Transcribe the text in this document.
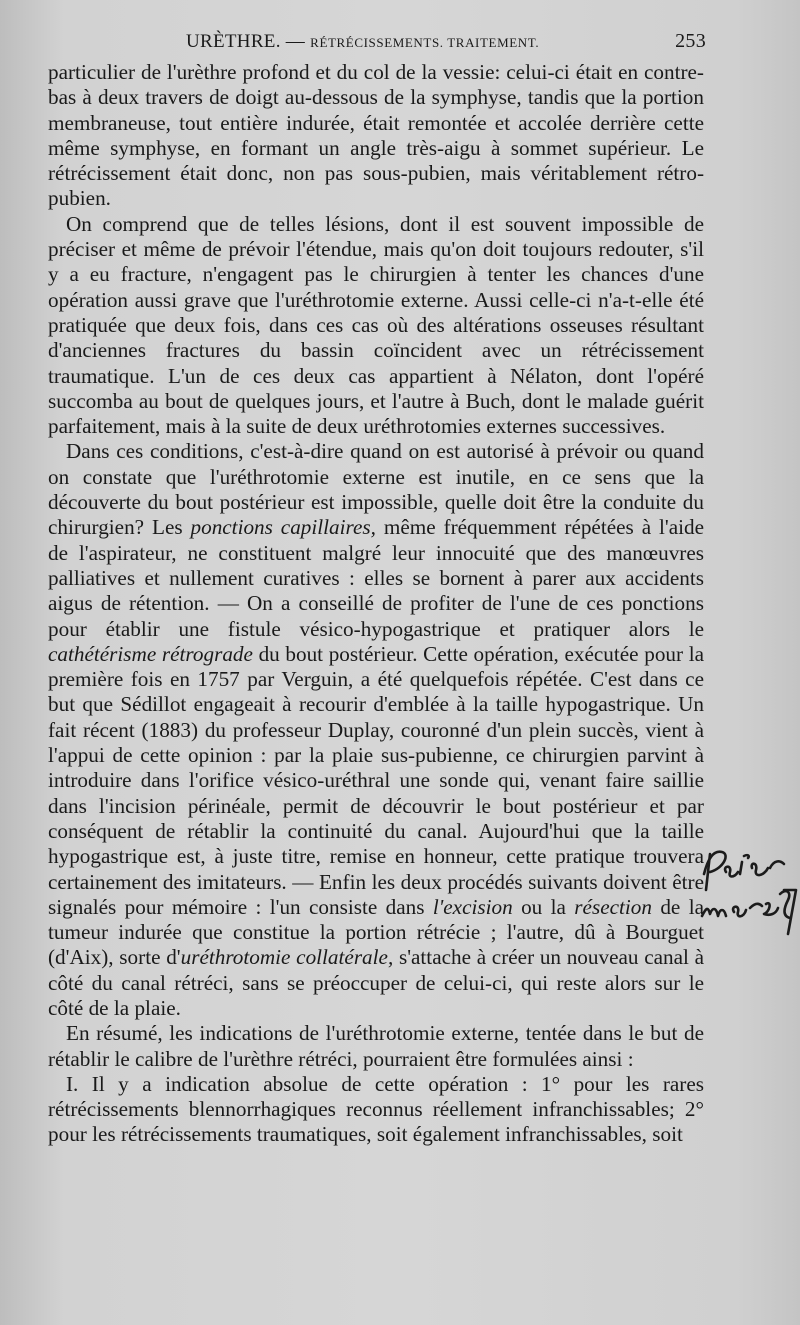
URÈTHRE. — RÉTRÉCISSEMENTS. TRAITEMENT.	253

particulier de l'urèthre profond et du col de la vessie: celui-ci était en contre-bas à deux travers de doigt au-dessous de la symphyse, tandis que la portion membraneuse, tout entière indurée, était remontée et accolée derrière cette même symphyse, en formant un angle très-aigu à sommet supérieur. Le rétrécissement était donc, non pas sous-pubien, mais véritablement rétro-pubien.

On comprend que de telles lésions, dont il est souvent impossible de préciser et même de prévoir l'étendue, mais qu'on doit toujours redouter, s'il y a eu fracture, n'engagent pas le chirurgien à tenter les chances d'une opération aussi grave que l'uréthrotomie externe. Aussi celle-ci n'a-t-elle été pratiquée que deux fois, dans ces cas où des altérations osseuses résultant d'anciennes fractures du bassin coïncident avec un rétrécissement traumatique. L'un de ces deux cas appartient à Nélaton, dont l'opéré succomba au bout de quelques jours, et l'autre à Buch, dont le malade guérit parfaitement, mais à la suite de deux uréthrotomies externes successives.

Dans ces conditions, c'est-à-dire quand on est autorisé à prévoir ou quand on constate que l'uréthrotomie externe est inutile, en ce sens que la découverte du bout postérieur est impossible, quelle doit être la conduite du chirurgien? Les ponctions capillaires, même fréquemment répétées à l'aide de l'aspirateur, ne constituent malgré leur innocuité que des manœuvres palliatives et nullement curatives : elles se bornent à parer aux accidents aigus de rétention. — On a conseillé de profiter de l'une de ces ponctions pour établir une fistule vésico-hypogastrique et pratiquer alors le cathétérisme rétrograde du bout postérieur. Cette opération, exécutée pour la première fois en 1757 par Verguin, a été quelquefois répétée. C'est dans ce but que Sédillot engageait à recourir d'emblée à la taille hypogastrique. Un fait récent (1883) du professeur Duplay, couronné d'un plein succès, vient à l'appui de cette opinion : par la plaie sus-pubienne, ce chirurgien parvint à introduire dans l'orifice vésico-uréthral une sonde qui, venant faire saillie dans l'incision périnéale, permit de découvrir le bout postérieur et par conséquent de rétablir la continuité du canal. Aujourd'hui que la taille hypogastrique est, à juste titre, remise en honneur, cette pratique trouvera certainement des imitateurs. — Enfin les deux procédés suivants doivent être signalés pour mémoire : l'un consiste dans l'excision ou la résection de la tumeur indurée que constitue la portion rétrécie ; l'autre, dû à Bourguet (d'Aix), sorte d'uréthrotomie collatérale, s'attache à créer un nouveau canal à côté du canal rétréci, sans se préoccuper de celui-ci, qui reste alors sur le côté de la plaie.

En résumé, les indications de l'uréthrotomie externe, tentée dans le but de rétablir le calibre de l'urèthre rétréci, pourraient être formulées ainsi :

I. Il y a indication absolue de cette opération : 1° pour les rares rétrécissements blennorrhagiques reconnus réellement infranchissables; 2° pour les rétrécissements traumatiques, soit également infranchissables, soit
